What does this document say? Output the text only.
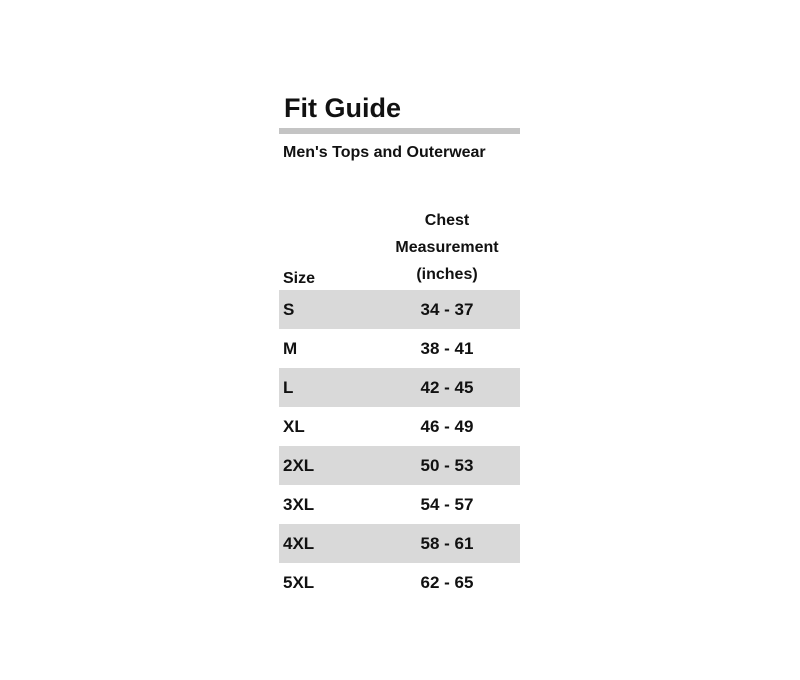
Fit Guide
Men's Tops and Outerwear
Size
Chest
Measurement
(inches)
S	34 - 37
M	38 - 41
L	42 - 45
XL	46 - 49
2XL	50 - 53
3XL	54 - 57
4XL	58 - 61
5XL	62 - 65
